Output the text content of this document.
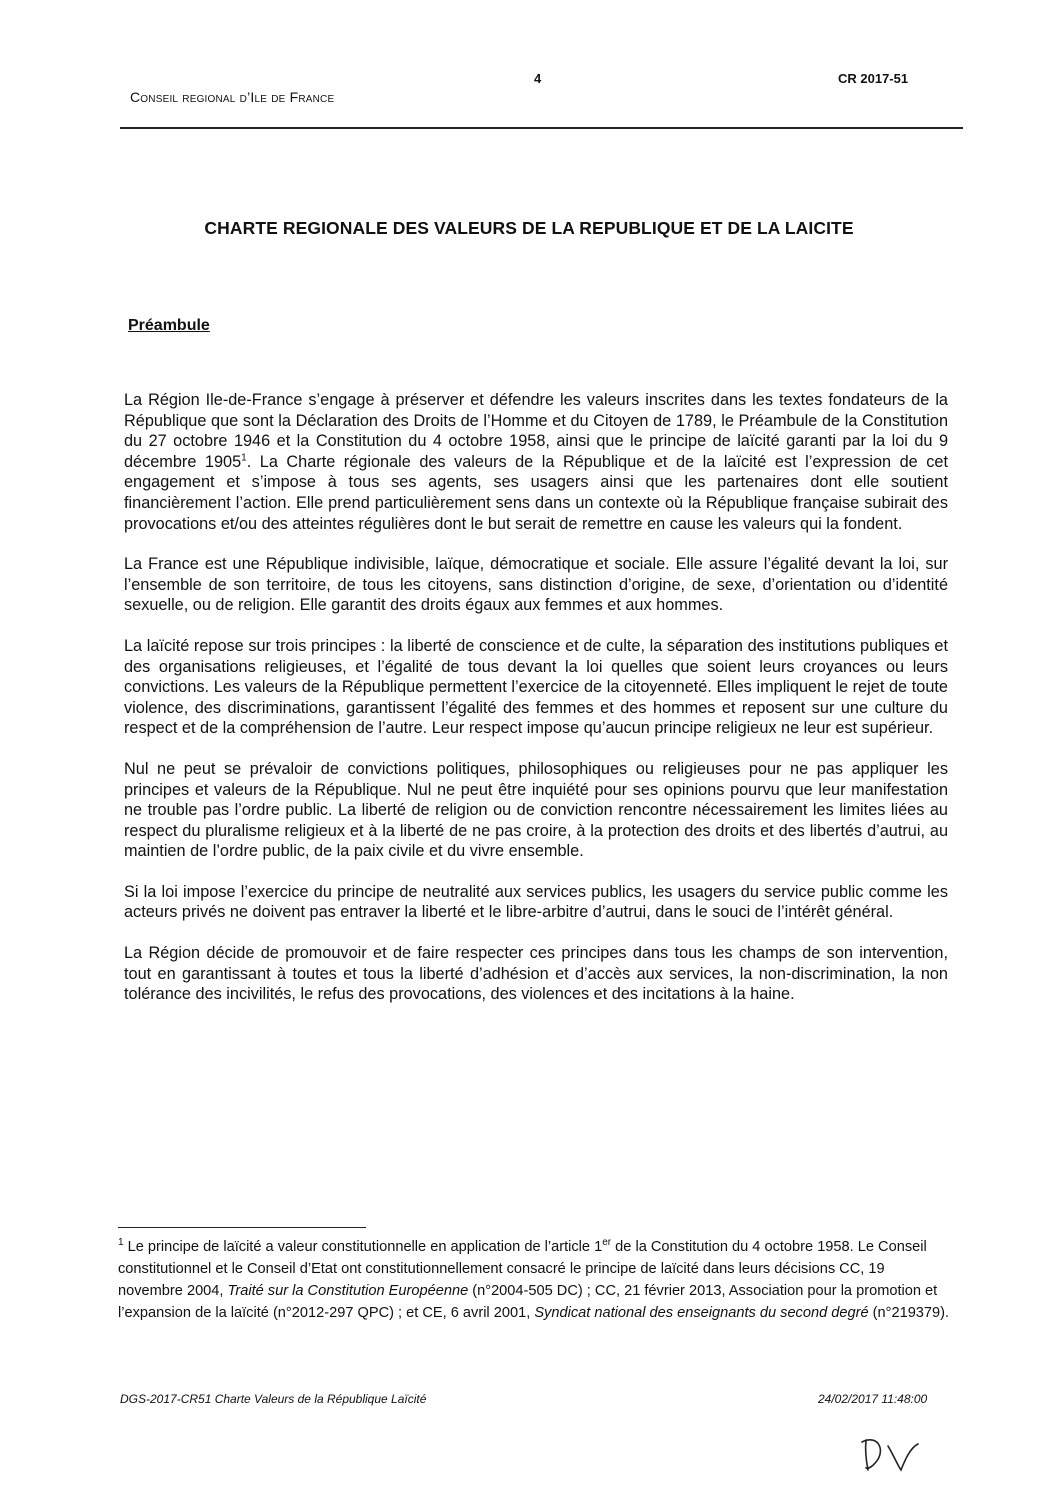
4	CR 2017-51
Conseil regional d’Ile de France
CHARTE REGIONALE DES VALEURS DE LA REPUBLIQUE ET DE LA LAICITE
Préambule

La Région Ile-de-France s’engage à préserver et défendre les valeurs inscrites dans les textes fondateurs de la République que sont la Déclaration des Droits de l’Homme et du Citoyen de 1789, le Préambule de la Constitution du 27 octobre 1946 et la Constitution du 4 octobre 1958, ainsi que le principe de laïcité garanti par la loi du 9 décembre 1905$^1$. La Charte régionale des valeurs de la République et de la laïcité est l’expression de cet engagement et s’impose à tous ses agents, ses usagers ainsi que les partenaires dont elle soutient financièrement l’action. Elle prend particulièrement sens dans un contexte où la République française subirait des provocations et/ou des atteintes régulières dont le but serait de remettre en cause les valeurs qui la fondent.

La France est une République indivisible, laïque, démocratique et sociale. Elle assure l’égalité devant la loi, sur l’ensemble de son territoire, de tous les citoyens, sans distinction d’origine, de sexe, d’orientation ou d’identité sexuelle, ou de religion. Elle garantit des droits égaux aux femmes et aux hommes.

La laïcité repose sur trois principes : la liberté de conscience et de culte, la séparation des institutions publiques et des organisations religieuses, et l’égalité de tous devant la loi quelles que soient leurs croyances ou leurs convictions. Les valeurs de la République permettent l’exercice de la citoyenneté. Elles impliquent le rejet de toute violence, des discriminations, garantissent l’égalité des femmes et des hommes et reposent sur une culture du respect et de la compréhension de l’autre. Leur respect impose qu’aucun principe religieux ne leur est supérieur.

Nul ne peut se prévaloir de convictions politiques, philosophiques ou religieuses pour ne pas appliquer les principes et valeurs de la République. Nul ne peut être inquiété pour ses opinions pourvu que leur manifestation ne trouble pas l’ordre public. La liberté de religion ou de conviction rencontre nécessairement les limites liées au respect du pluralisme religieux et à la liberté de ne pas croire, à la protection des droits et des libertés d’autrui, au maintien de l’ordre public, de la paix civile et du vivre ensemble.

Si la loi impose l’exercice du principe de neutralité aux services publics, les usagers du service public comme les acteurs privés ne doivent pas entraver la liberté et le libre-arbitre d’autrui, dans le souci de l’intérêt général.

La Région décide de promouvoir et de faire respecter ces principes dans tous les champs de son intervention, tout en garantissant à toutes et tous la liberté d’adhésion et d’accès aux services, la non-discrimination, la non tolérance des incivilités, le refus des provocations, des violences et des incitations à la haine.

$^1$ Le principe de laïcité a valeur constitutionnelle en application de l’article 1er de la Constitution du 4 octobre 1958. Le Conseil constitutionnel et le Conseil d’Etat ont constitutionnellement consacré le principe de laïcité dans leurs décisions CC, 19 novembre 2004, Traité sur la Constitution Européenne (n°2004-505 DC) ; CC, 21 février 2013, Association pour la promotion et l’expansion de la laïcité (n°2012-297 QPC) ; et CE, 6 avril 2001, Syndicat national des enseignants du second degré (n°219379).
DGS-2017-CR51 Charte Valeurs de la République Laïcité	24/02/2017 11:48:00
